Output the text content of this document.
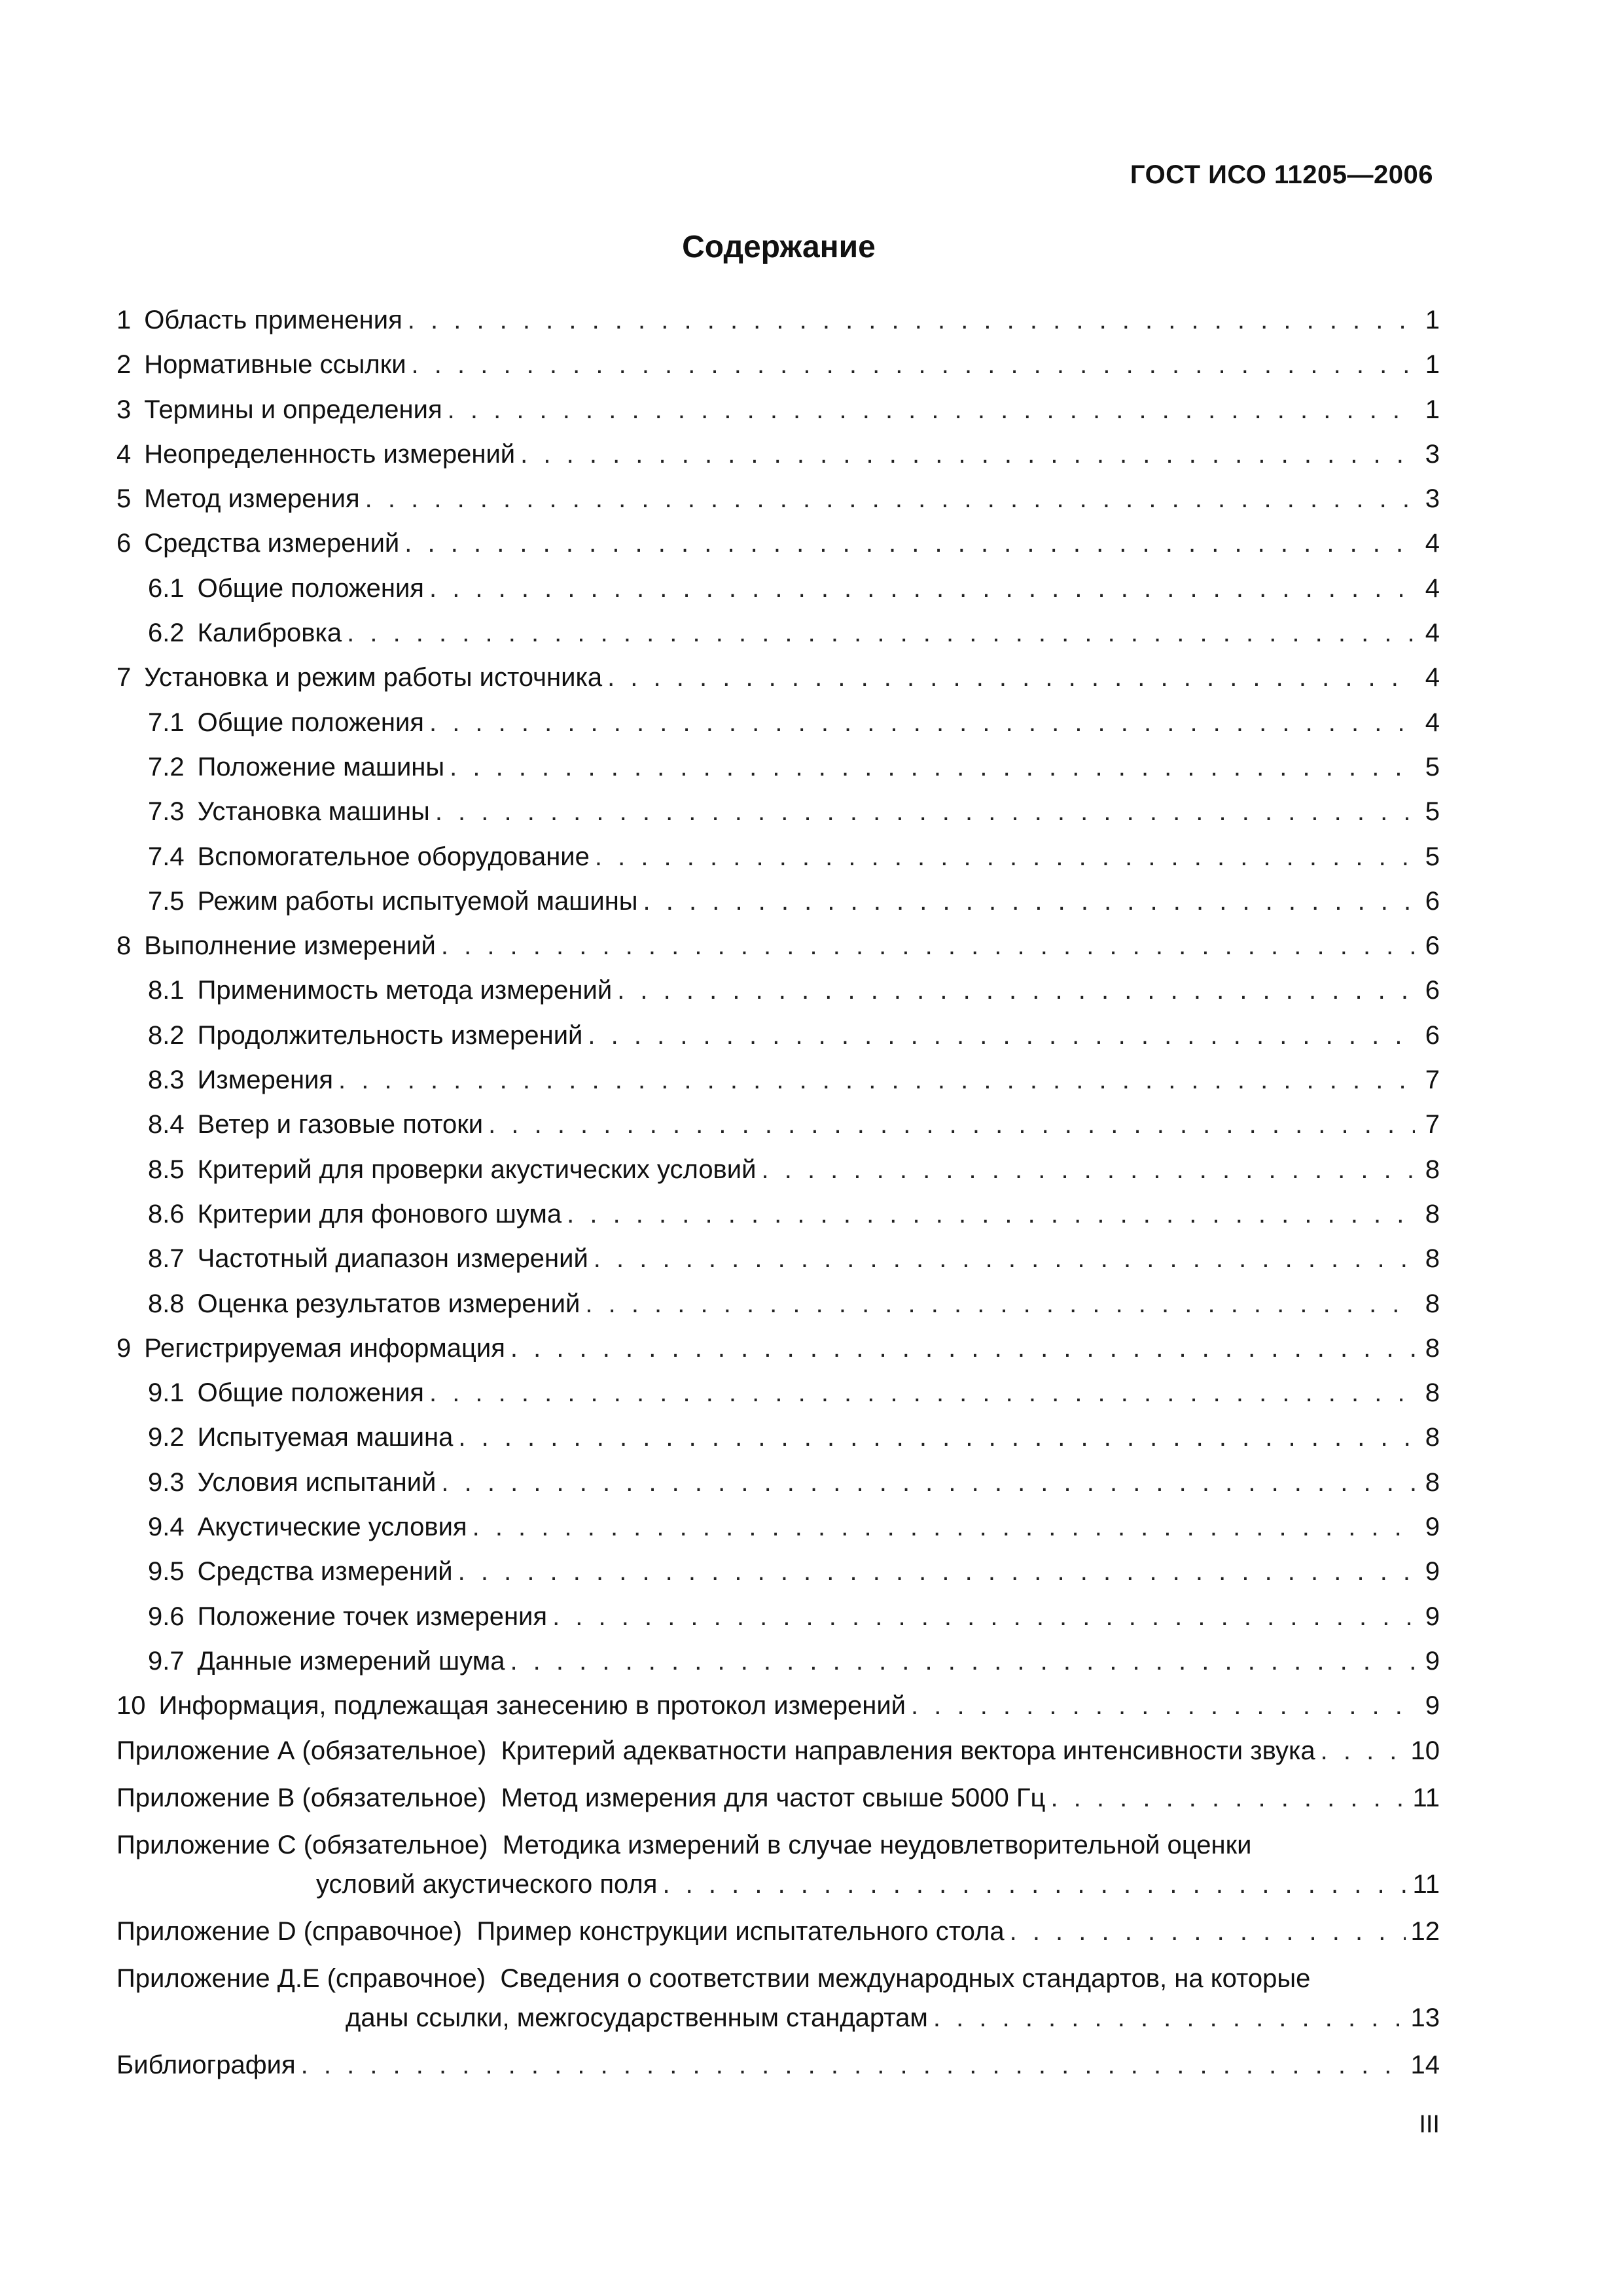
ГОСТ ИСО 11205—2006
Содержание
1 Область применения . . .	1
2 Нормативные ссылки . . .	1
3 Термины и определения . . .	1
4 Неопределенность измерений . . .	3
5 Метод измерения . . .	3
6 Средства измерений . . .	4
6.1 Общие положения . . .	4
6.2 Калибровка . . .	4
7 Установка и режим работы источника . . .	4
7.1 Общие положения . . .	4
7.2 Положение машины . . .	5
7.3 Установка машины . . .	5
7.4 Вспомогательное оборудование . . .	5
7.5 Режим работы испытуемой машины . . .	6
8 Выполнение измерений . . .	6
8.1 Применимость метода измерений . . .	6
8.2 Продолжительность измерений . . .	6
8.3 Измерения . . .	7
8.4 Ветер и газовые потоки . . .	7
8.5 Критерий для проверки акустических условий . . .	8
8.6 Критерии для фонового шума . . .	8
8.7 Частотный диапазон измерений . . .	8
8.8 Оценка результатов измерений . . .	8
9 Регистрируемая информация . . .	8
9.1 Общие положения . . .	8
9.2 Испытуемая машина . . .	8
9.3 Условия испытаний . . .	8
9.4 Акустические условия . . .	9
9.5 Средства измерений . . .	9
9.6 Положение точек измерения . . .	9
9.7 Данные измерений шума . . .	9
10 Информация, подлежащая занесению в протокол измерений . . .	9
Приложение А (обязательное)
Критерий адекватности направления вектора интенсивности звука . . .	10
Приложение В (обязательное)
Метод измерения для частот свыше 5000 Гц . . .	11
Приложение С (обязательное) Методика измерений в случае неудовлетворительной оценки
условий акустического поля . . .	11
Приложение D (справочное)
Пример конструкции испытательного стола . . .	12
Приложение Д.Е (справочное) Сведения о соответствии международных стандартов, на которые
даны ссылки, межгосударственным стандартам . . .	13
Библиография . . .	14
III
